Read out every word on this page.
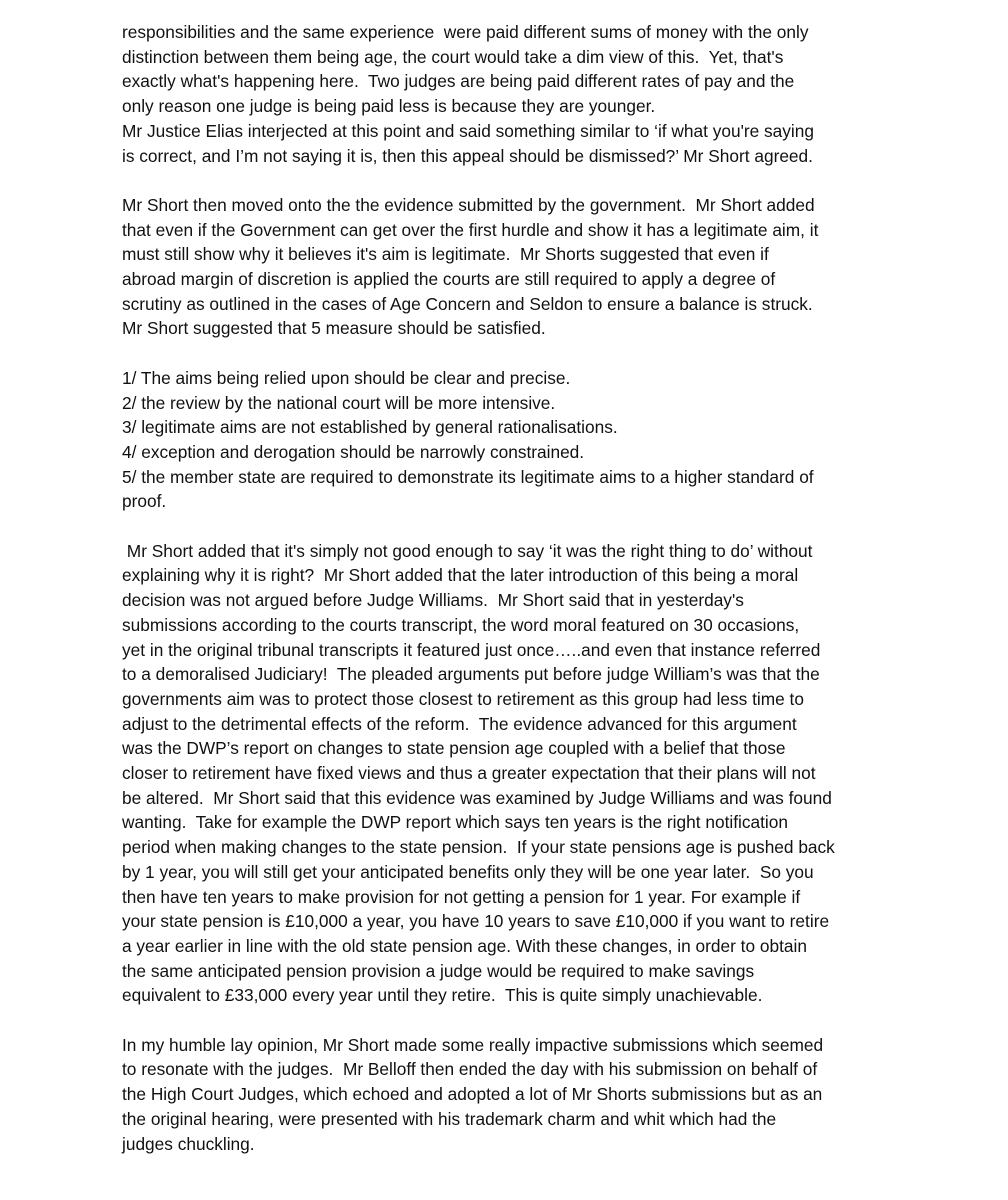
responsibilities and the same experience  were paid different sums of money with the only
distinction between them being age, the court would take a dim view of this.  Yet, that's
exactly what's happening here.  Two judges are being paid different rates of pay and the
only reason one judge is being paid less is because they are younger.
Mr Justice Elias interjected at this point and said something similar to ‘if what you're saying
is correct, and I’m not saying it is, then this appeal should be dismissed?’ Mr Short agreed.
Mr Short then moved onto the the evidence submitted by the government.  Mr Short added
that even if the Government can get over the first hurdle and show it has a legitimate aim, it
must still show why it believes it's aim is legitimate.  Mr Shorts suggested that even if
abroad margin of discretion is applied the courts are still required to apply a degree of
scrutiny as outlined in the cases of Age Concern and Seldon to ensure a balance is struck.
Mr Short suggested that 5 measure should be satisfied.
1/ The aims being relied upon should be clear and precise.
2/ the review by the national court will be more intensive.
3/ legitimate aims are not established by general rationalisations.
4/ exception and derogation should be narrowly constrained.
5/ the member state are required to demonstrate its legitimate aims to a higher standard of
proof.
Mr Short added that it's simply not good enough to say ‘it was the right thing to do’ without
explaining why it is right?  Mr Short added that the later introduction of this being a moral
decision was not argued before Judge Williams.  Mr Short said that in yesterday's
submissions according to the courts transcript, the word moral featured on 30 occasions,
yet in the original tribunal transcripts it featured just once…..and even that instance referred
to a demoralised Judiciary!  The pleaded arguments put before judge William’s was that the
governments aim was to protect those closest to retirement as this group had less time to
adjust to the detrimental effects of the reform.  The evidence advanced for this argument
was the DWP’s report on changes to state pension age coupled with a belief that those
closer to retirement have fixed views and thus a greater expectation that their plans will not
be altered.  Mr Short said that this evidence was examined by Judge Williams and was found
wanting.  Take for example the DWP report which says ten years is the right notification
period when making changes to the state pension.  If your state pensions age is pushed back
by 1 year, you will still get your anticipated benefits only they will be one year later.  So you
then have ten years to make provision for not getting a pension for 1 year. For example if
your state pension is £10,000 a year, you have 10 years to save £10,000 if you want to retire
a year earlier in line with the old state pension age. With these changes, in order to obtain
the same anticipated pension provision a judge would be required to make savings
equivalent to £33,000 every year until they retire.  This is quite simply unachievable.
In my humble lay opinion, Mr Short made some really impactive submissions which seemed
to resonate with the judges.  Mr Belloff then ended the day with his submission on behalf of
the High Court Judges, which echoed and adopted a lot of Mr Shorts submissions but as an
the original hearing, were presented with his trademark charm and whit which had the
judges chuckling.
